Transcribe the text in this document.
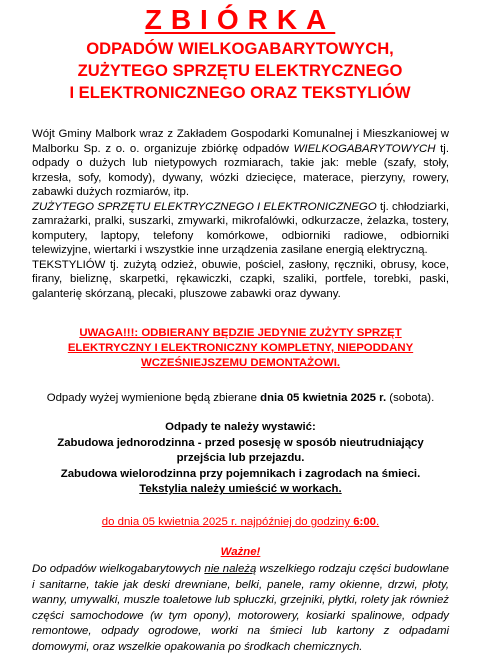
ZBIÓRKA
ODPADÓW WIELKOGABARYTOWYCH,
ZUŻYTEGO SPRZĘTU ELEKTRYCZNEGO
I ELEKTRONICZNEGO ORAZ TEKSTYLIÓW

Wójt Gminy Malbork wraz z Zakładem Gospodarki Komunalnej i Mieszkaniowej w Malborku Sp. z o. o. organizuje zbiórkę odpadów WIELKOGABARYTOWYCH tj. odpady o dużych lub nietypowych rozmiarach, takie jak: meble (szafy, stoły, krzesła, sofy, komody), dywany, wózki dziecięce, materace, pierzyny, rowery, zabawki dużych rozmiarów, itp.

ZUŻYTEGO SPRZĘTU ELEKTRYCZNEGO I ELEKTRONICZNEGO tj. chłodziarki, zamrażarki, pralki, suszarki, zmywarki, mikrofalówki, odkurzacze, żelazka, tostery, komputery, laptopy, telefony komórkowe, odbiorniki radiowe, odbiorniki telewizyjne, wiertarki i wszystkie inne urządzenia zasilane energią elektryczną.

TEKSTYLIÓW tj. zużytą odzież, obuwie, pościel, zasłony, ręczniki, obrusy, koce, firany, bieliznę, skarpetki, rękawiczki, czapki, szaliki, portfele, torebki, paski, galanterię skórzaną, plecaki, pluszowe zabawki oraz dywany.

UWAGA!!!: ODBIERANY BĘDZIE JEDYNIE ZUŻYTY SPRZĘT
ELEKTRYCZNY I ELEKTRONICZNY KOMPLETNY, NIEPODDANY
WCZEŚNIEJSZEMU DEMONTAŻOWI.
Odpady wyżej wymienione będą zbierane dnia 05 kwietnia 2025 r. (sobota).
Odpady te należy wystawić:
Zabudowa jednorodzinna - przed posesję w sposób nieutrudniający
przejścia lub przejazdu.
Zabudowa wielorodzinna przy pojemnikach i zagrodach na śmieci.
Tekstylia należy umieścić w workach.
do dnia 05 kwietnia 2025 r. najpóźniej do godziny 6:00.
Ważne!
Do odpadów wielkogabarytowych nie należą wszelkiego rodzaju części budowlane i sanitarne, takie jak deski drewniane, belki, panele, ramy okienne, drzwi, płoty, wanny, umywalki, muszle toaletowe lub spłuczki, grzejniki, płytki, rolety jak również części samochodowe (w tym opony), motorowery, kosiarki spalinowe, odpady remontowe, odpady ogrodowe, worki na śmieci lub kartony z odpadami domowymi, oraz wszelkie opakowania po środkach chemicznych.
